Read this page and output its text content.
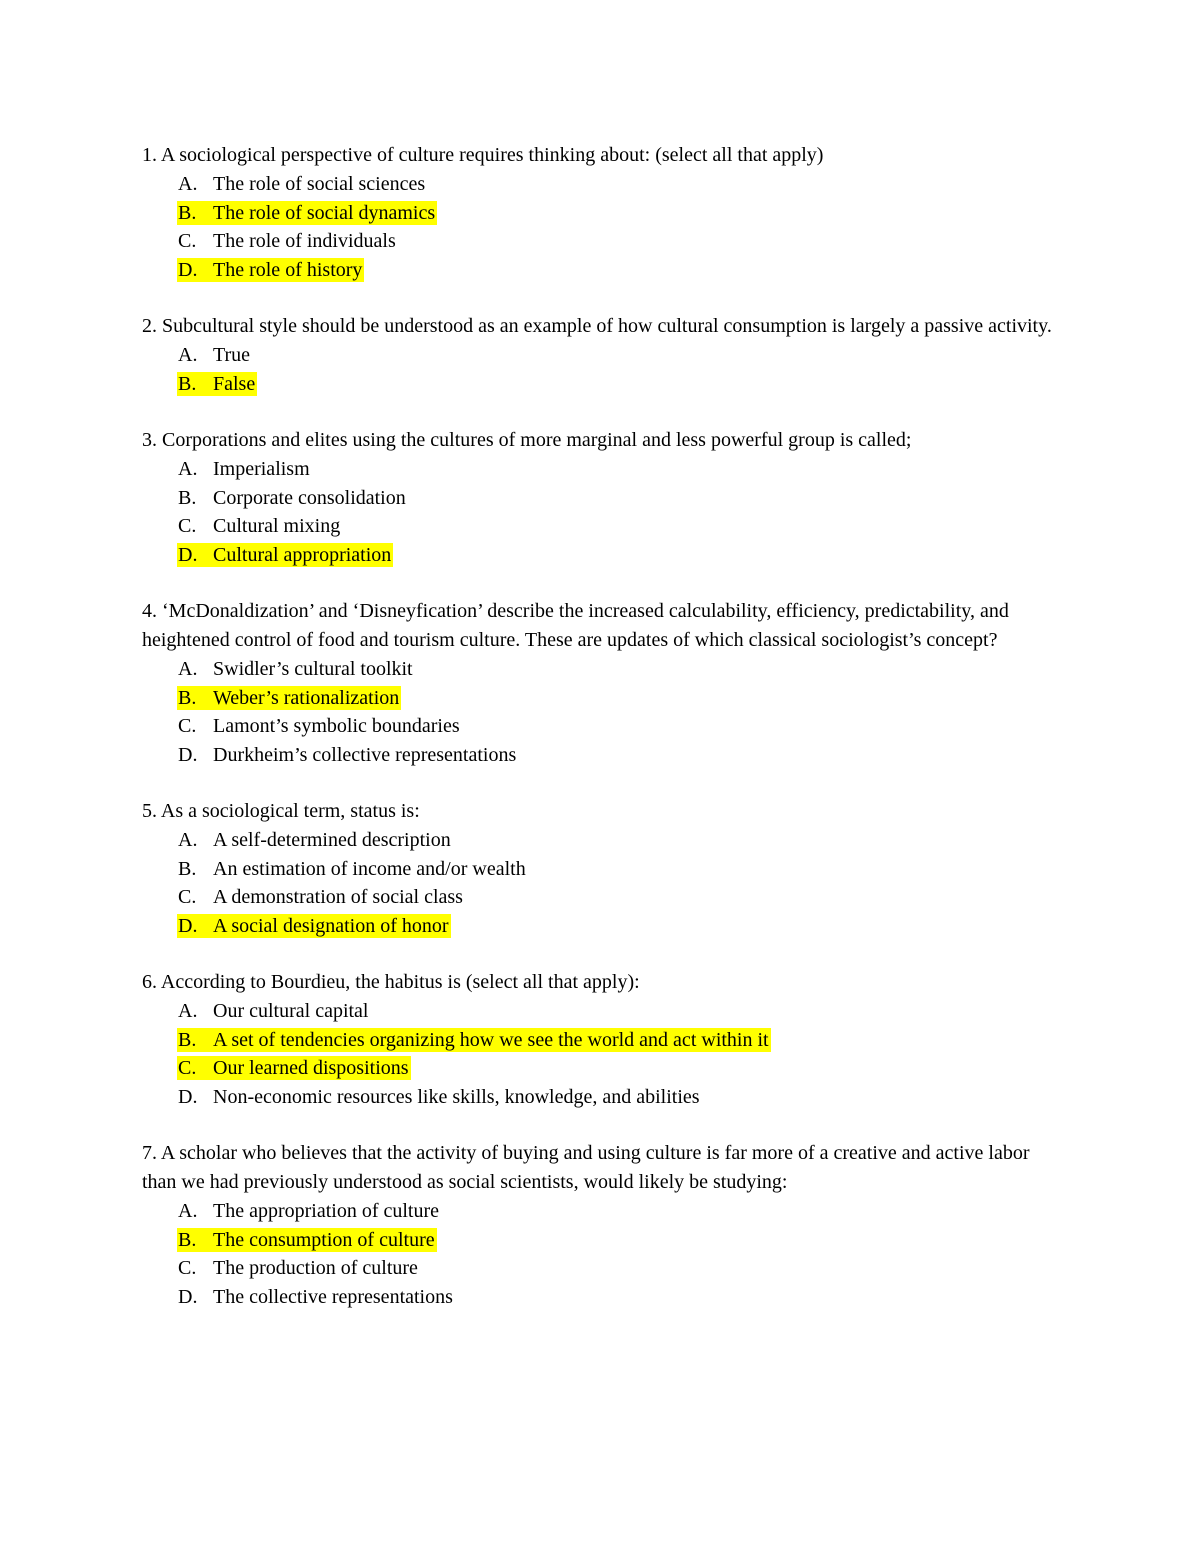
1. A sociological perspective of culture requires thinking about: (select all that apply)

A. The role of social sciences
B. The role of social dynamics
C. The role of individuals
D. The role of history

2. Subcultural style should be understood as an example of how cultural consumption is largely a passive activity.

A. True
B. False

3. Corporations and elites using the cultures of more marginal and less powerful group is called;

A. Imperialism
B. Corporate consolidation
C. Cultural mixing
D. Cultural appropriation

4. ‘McDonaldization’ and ‘Disneyfication’ describe the increased calculability, efficiency, predictability, and heightened control of food and tourism culture. These are updates of which classical sociologist’s concept?

A. Swidler’s cultural toolkit
B. Weber’s rationalization
C. Lamont’s symbolic boundaries
D. Durkheim’s collective representations

5. As a sociological term, status is:

A. A self-determined description
B. An estimation of income and/or wealth
C. A demonstration of social class
D. A social designation of honor

6. According to Bourdieu, the habitus is (select all that apply):

A. Our cultural capital
B. A set of tendencies organizing how we see the world and act within it
C. Our learned dispositions
D. Non-economic resources like skills, knowledge, and abilities

7. A scholar who believes that the activity of buying and using culture is far more of a creative and active labor than we had previously understood as social scientists, would likely be studying:

A. The appropriation of culture
B. The consumption of culture
C. The production of culture
D. The collective representations
